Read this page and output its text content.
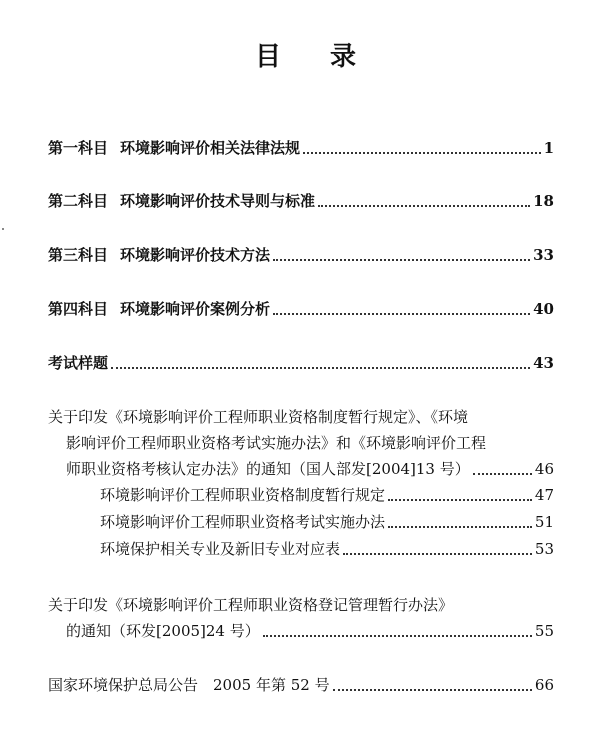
目 录
第一科目 环境影响评价相关法律法规	1
第二科目 环境影响评价技术导则与标准	18
第三科目 环境影响评价技术方法	33
第四科目 环境影响评价案例分析	40
考试样题	43
关于印发《环境影响评价工程师职业资格制度暂行规定》、《环境
影响评价工程师职业资格考试实施办法》和《环境影响评价工程
师职业资格考核认定办法》的通知（国人部发[2004]13 号）	46
环境影响评价工程师职业资格制度暂行规定	47
环境影响评价工程师职业资格考试实施办法	51
环境保护相关专业及新旧专业对应表	53
关于印发《环境影响评价工程师职业资格登记管理暂行办法》
的通知（环发[2005]24 号）	55
国家环境保护总局公告　2005 年第 52 号	66
